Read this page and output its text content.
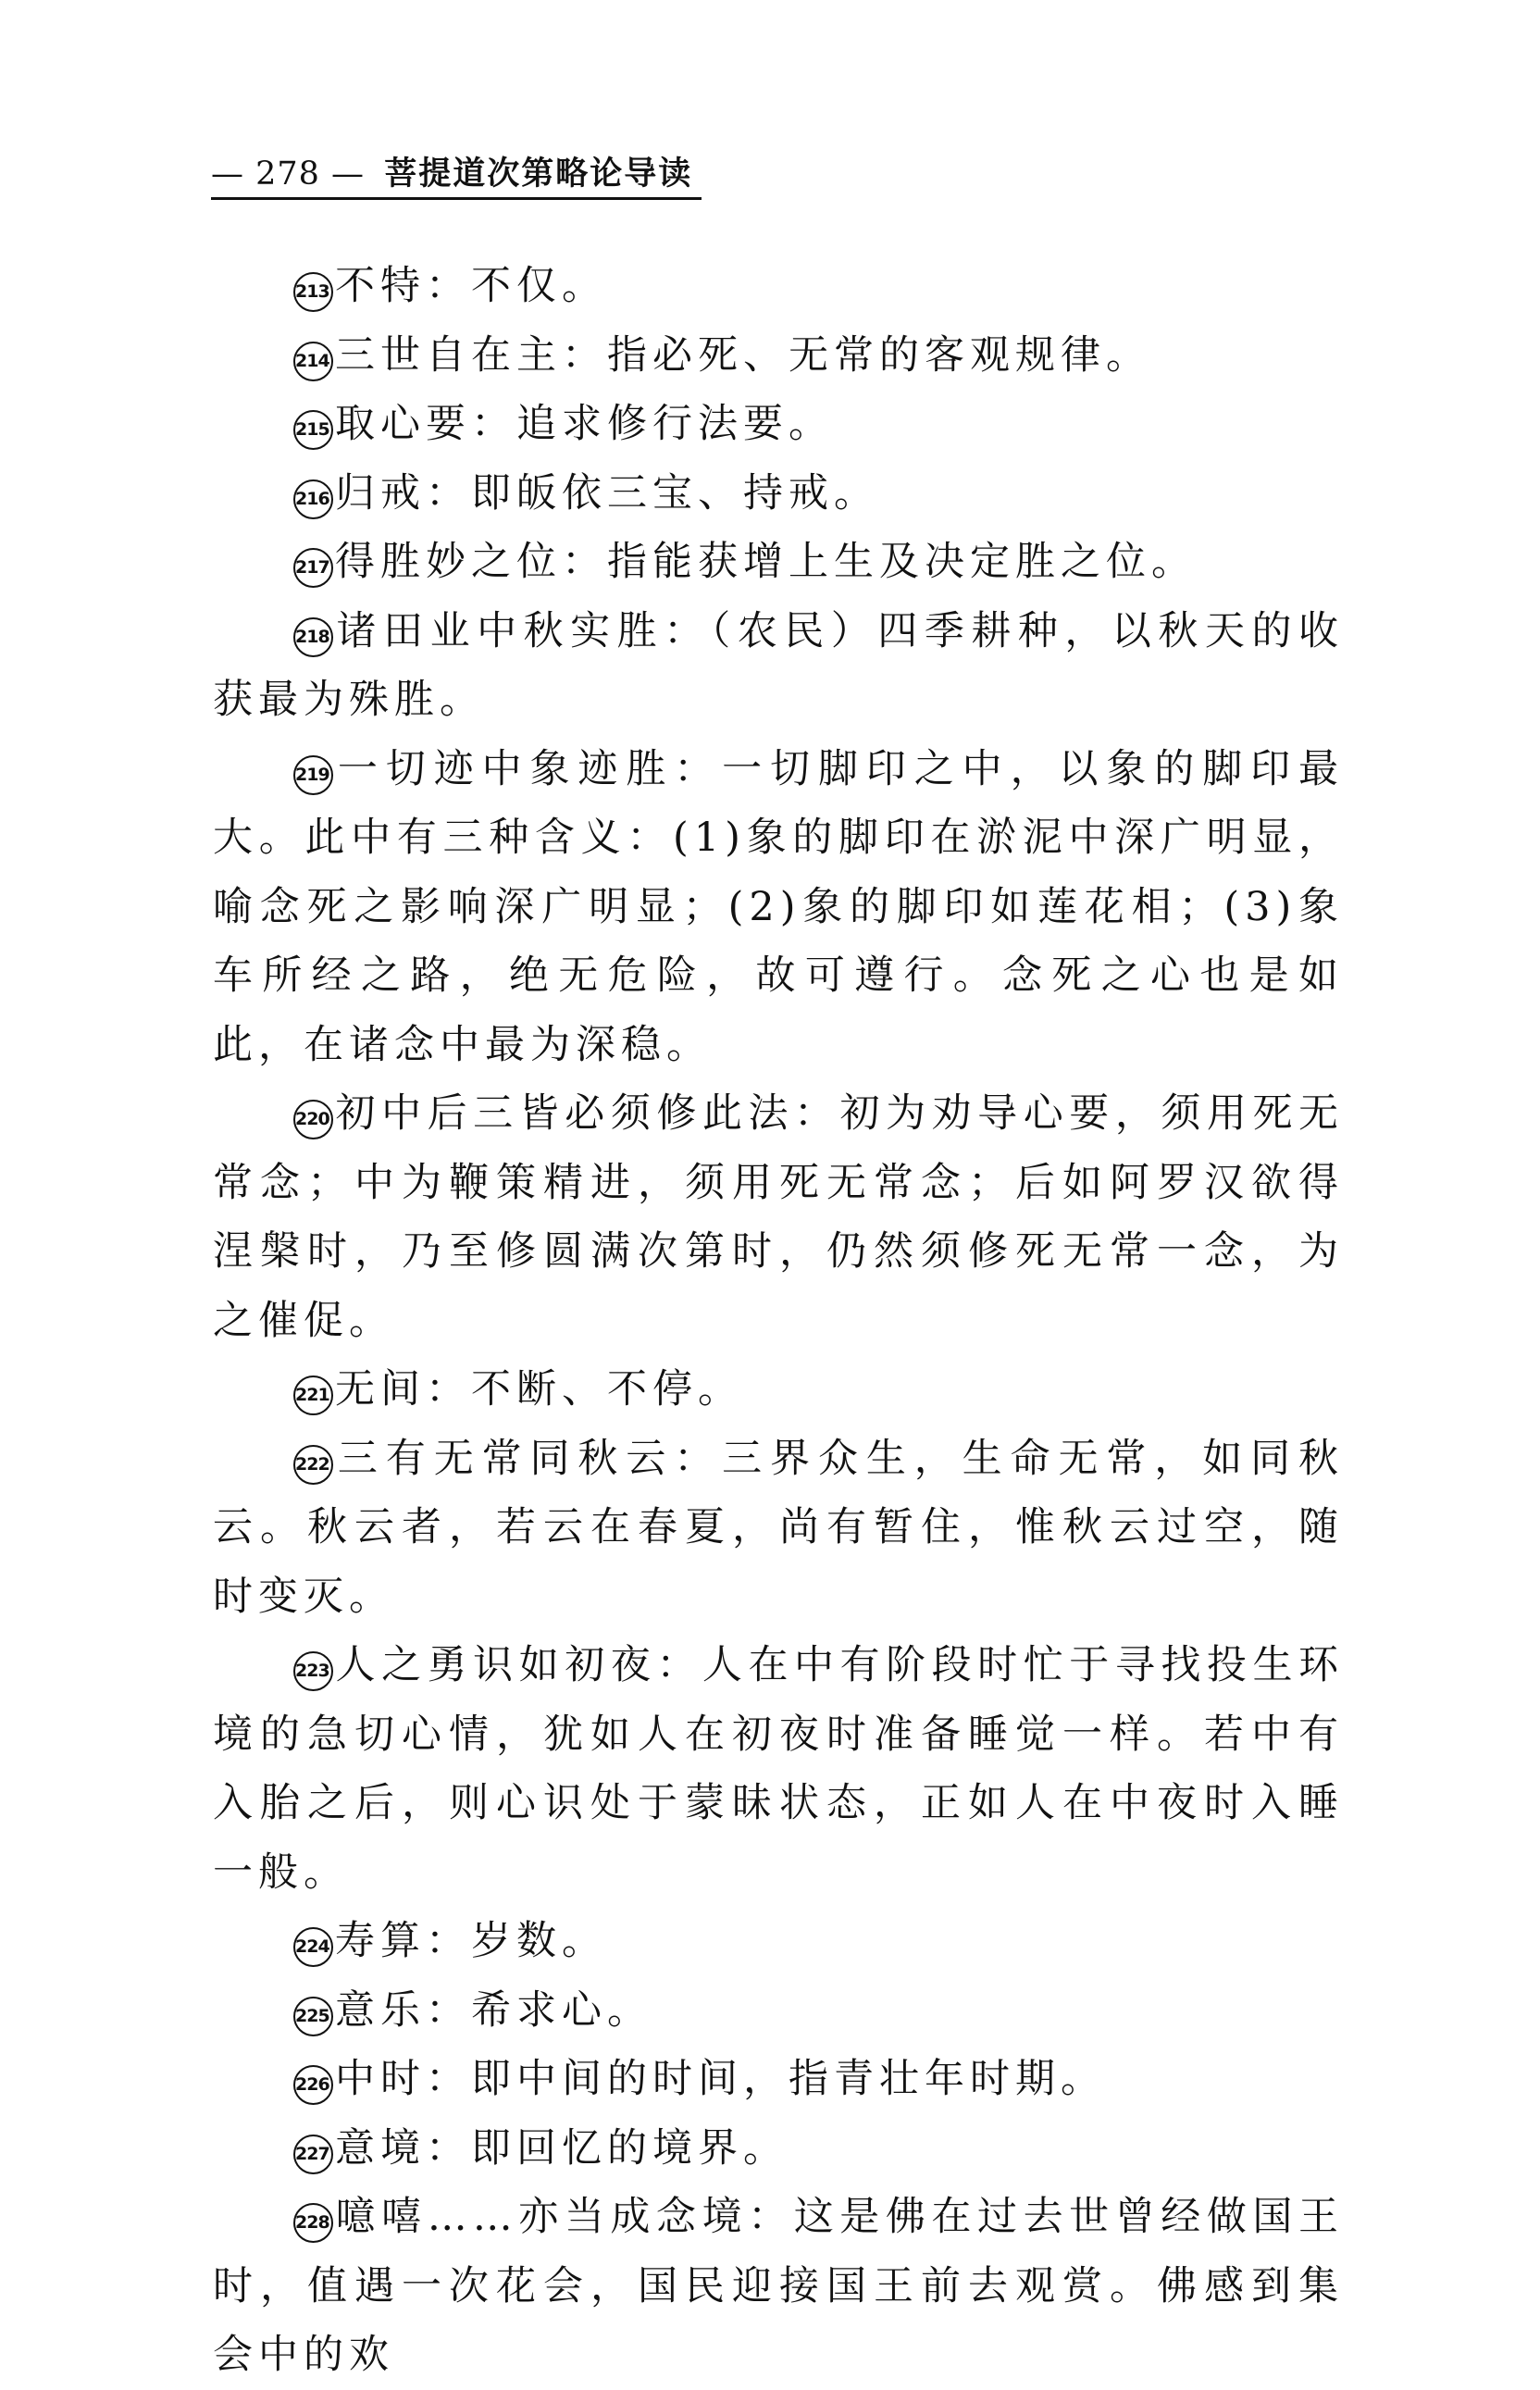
— 278 — 菩提道次第略论导读

213 不特：不仅。

214 三世自在主：指必死、无常的客观规律。

215 取心要：追求修行法要。

216 归戒：即皈依三宝、持戒。

217 得胜妙之位：指能获增上生及决定胜之位。

218 诸田业中秋实胜：（农民）四季耕种，以秋天的收获最为殊胜。

219 一切迹中象迹胜：一切脚印之中，以象的脚印最大。此中有三种含义：(1)象的脚印在淤泥中深广明显，喻念死之影响深广明显；(2)象的脚印如莲花相；(3)象车所经之路，绝无危险，故可遵行。念死之心也是如此，在诸念中最为深稳。

220 初中后三皆必须修此法：初为劝导心要，须用死无常念；中为鞭策精进，须用死无常念；后如阿罗汉欲得涅槃时，乃至修圆满次第时，仍然须修死无常一念，为之催促。

221 无间：不断、不停。

222 三有无常同秋云：三界众生，生命无常，如同秋云。秋云者，若云在春夏，尚有暂住，惟秋云过空，随时变灭。

223 人之勇识如初夜：人在中有阶段时忙于寻找投生环境的急切心情，犹如人在初夜时准备睡觉一样。若中有入胎之后，则心识处于蒙昧状态，正如人在中夜时入睡一般。

224 寿算：岁数。

225 意乐：希求心。

226 中时：即中间的时间，指青壮年时期。

227 意境：即回忆的境界。

228 噫嘻……亦当成念境：这是佛在过去世曾经做国王时，值遇一次花会，国民迎接国王前去观赏。佛感到集会中的欢
